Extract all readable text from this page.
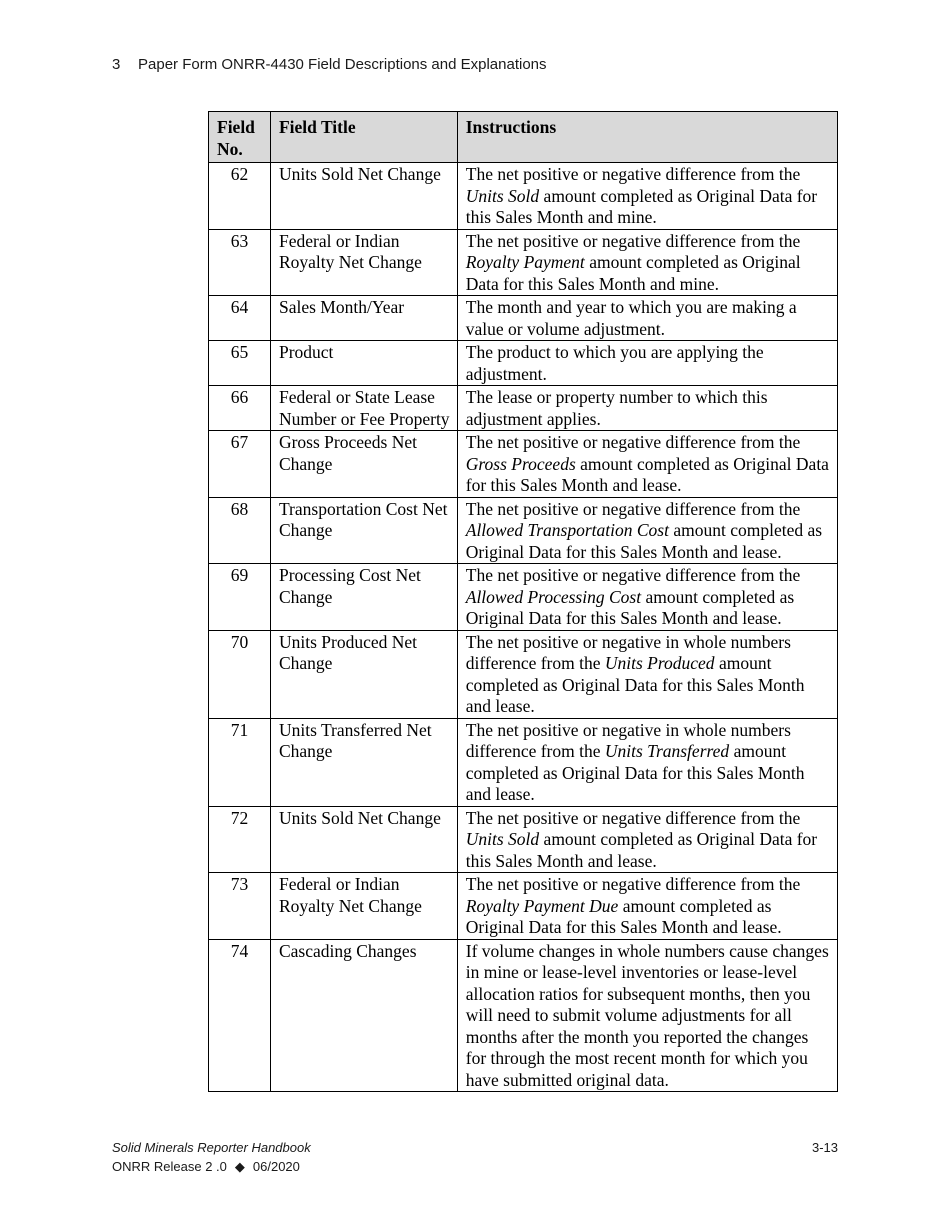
3 Paper Form ONRR-4430 Field Descriptions and Explanations
Field No.	Field Title	Instructions
62	Units Sold Net Change	The net positive or negative difference from the Units Sold amount completed as Original Data for this Sales Month and mine.
63	Federal or Indian Royalty Net Change	The net positive or negative difference from the Royalty Payment amount completed as Original Data for this Sales Month and mine.
64	Sales Month/Year	The month and year to which you are making a value or volume adjustment.
65	Product	The product to which you are applying the adjustment.
66	Federal or State Lease Number or Fee Property	The lease or property number to which this adjustment applies.
67	Gross Proceeds Net Change	The net positive or negative difference from the Gross Proceeds amount completed as Original Data for this Sales Month and lease.
68	Transportation Cost Net Change	The net positive or negative difference from the Allowed Transportation Cost amount completed as Original Data for this Sales Month and lease.
69	Processing Cost Net Change	The net positive or negative difference from the Allowed Processing Cost amount completed as Original Data for this Sales Month and lease.
70	Units Produced Net Change	The net positive or negative in whole numbers difference from the Units Produced amount completed as Original Data for this Sales Month and lease.
71	Units Transferred Net Change	The net positive or negative in whole numbers difference from the Units Transferred amount completed as Original Data for this Sales Month and lease.
72	Units Sold Net Change	The net positive or negative difference from the Units Sold amount completed as Original Data for this Sales Month and lease.
73	Federal or Indian Royalty Net Change	The net positive or negative difference from the Royalty Payment Due amount completed as Original Data for this Sales Month and lease.
74	Cascading Changes	If volume changes in whole numbers cause changes in mine or lease-level inventories or lease-level allocation ratios for subsequent months, then you will need to submit volume adjustments for all months after the month you reported the changes for through the most recent month for which you have submitted original data.
Solid Minerals Reporter Handbook	3-13
ONRR Release 2 .0 ◆ 06/2020
